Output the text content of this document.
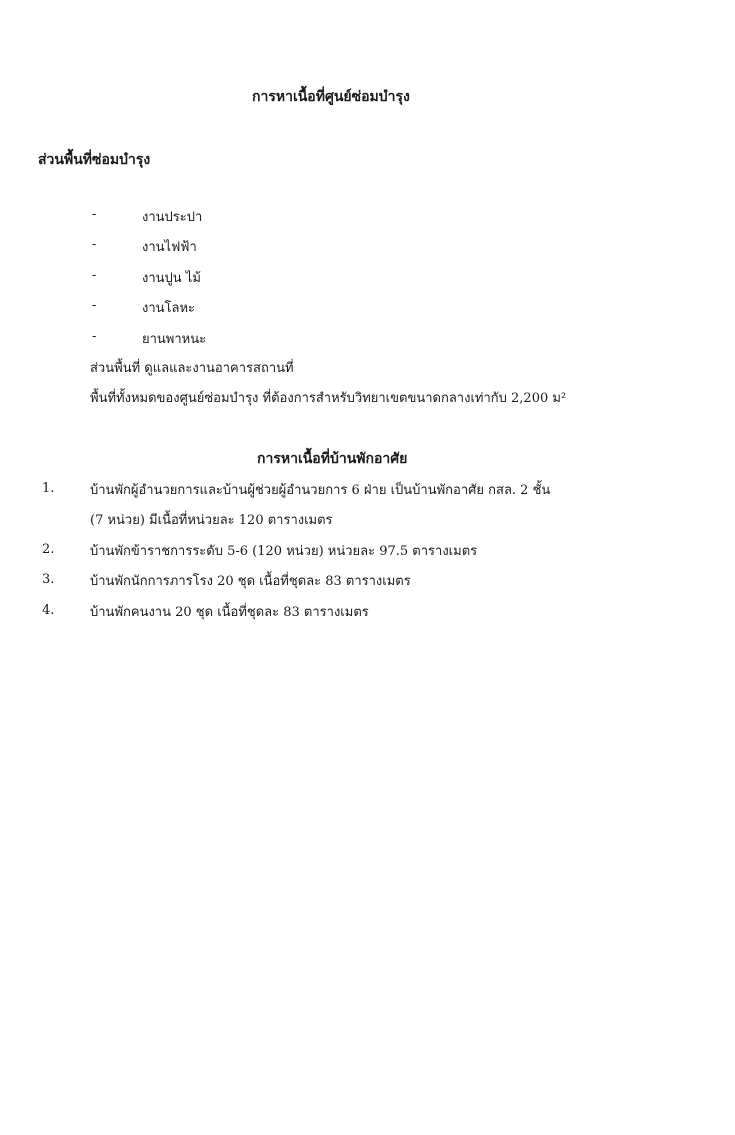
การหาเนื้อที่ศูนย์ซ่อมบำรุง
ส่วนพื้นที่ซ่อมบำรุง
-	งานประปา
-	งานไฟฟ้า
-	งานปูน ไม้
-	งานโลหะ
-	ยานพาหนะ
ส่วนพื้นที่ ดูแลและงานอาคารสถานที่
พื้นที่ทั้งหมดของศูนย์ซ่อมบำรุง ที่ต้องการสำหรับวิทยาเขตขนาดกลางเท่ากับ 2,200 ม²
การหาเนื้อที่บ้านพักอาศัย
1.	บ้านพักผู้อำนวยการและบ้านผู้ช่วยผู้อำนวยการ 6 ฝ่าย เป็นบ้านพักอาศัย กสล. 2 ชั้น
(7 หน่วย) มีเนื้อที่หน่วยละ 120 ตารางเมตร
2.	บ้านพักข้าราชการระดับ 5-6 (120 หน่วย) หน่วยละ 97.5 ตารางเมตร
3.	บ้านพักนักการภารโรง 20 ชุด เนื้อที่ชุดละ 83 ตารางเมตร
4.	บ้านพักคนงาน 20 ชุด เนื้อที่ชุดละ 83 ตารางเมตร
